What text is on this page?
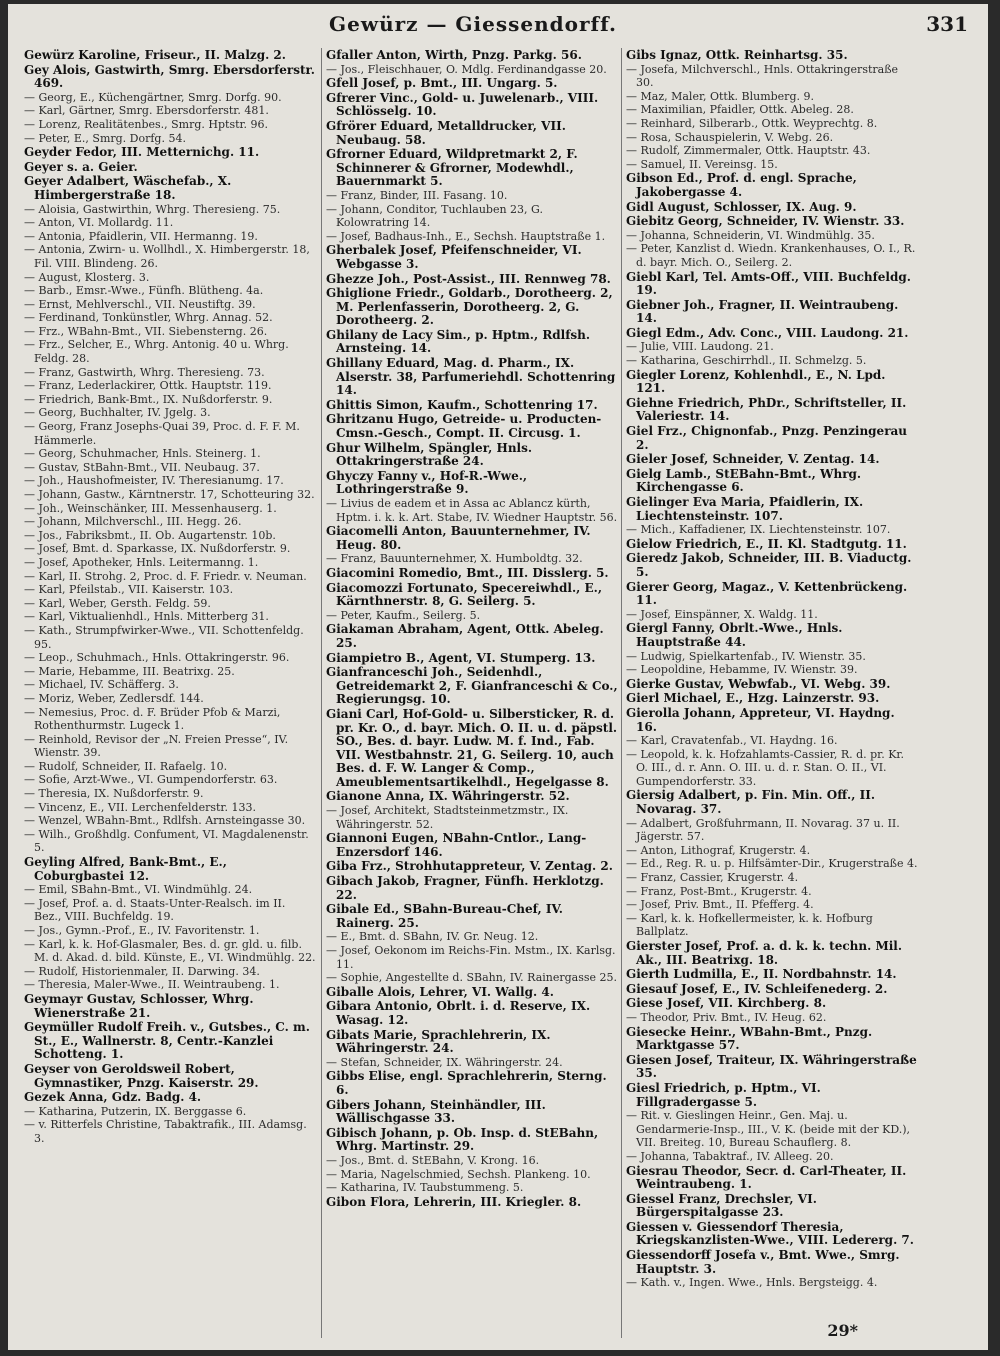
Gewürz — Giessendorff.	331

Gewürz Karoline, Friseur., II. Malzg. 2.

Gey Alois, Gastwirth, Smrg. Ebersdorferstr. 469.

— Georg, E., Küchengärtner, Smrg. Dorfg. 90.

— Karl, Gärtner, Smrg. Ebersdorferstr. 481.

— Lorenz, Realitätenbes., Smrg. Hptstr. 96.

— Peter, E., Smrg. Dorfg. 54.

Geyder Fedor, III. Metternichg. 11.

Geyer s. a. Geier.

Geyer Adalbert, Wäschefab., X. Himbergerstraße 18.

— Aloisia, Gastwirthin, Whrg. Theresieng. 75.

— Anton, VI. Mollardg. 11.

— Antonia, Pfaidlerin, VII. Hermanng. 19.

— Antonia, Zwirn- u. Wollhdl., X. Himbergerstr. 18, Fil. VIII. Blindeng. 26.

— August, Klosterg. 3.

— Barb., Emsr.-Wwe., Fünfh. Blütheng. 4a.

— Ernst, Mehlverschl., VII. Neustiftg. 39.

— Ferdinand, Tonkünstler, Whrg. Annag. 52.

— Frz., WBahn-Bmt., VII. Siebensterng. 26.

— Frz., Selcher, E., Whrg. Antonig. 40 u. Whrg. Feldg. 28.

— Franz, Gastwirth, Whrg. Theresieng. 73.

— Franz, Lederlackirer, Ottk. Hauptstr. 119.

— Friedrich, Bank-Bmt., IX. Nußdorferstr. 9.

— Georg, Buchhalter, IV. Jgelg. 3.

— Georg, Franz Josephs-Quai 39, Proc. d. F. F. M. Hämmerle.

— Georg, Schuhmacher, Hnls. Steinerg. 1.

— Gustav, StBahn-Bmt., VII. Neubaug. 37.

— Joh., Haushofmeister, IV. Theresianumg. 17.

— Johann, Gastw., Kärntnerstr. 17, Schotteuring 32.

— Joh., Weinschänker, III. Messenhauserg. 1.

— Johann, Milchverschl., III. Hegg. 26.

— Jos., Fabriksbmt., II. Ob. Augartenstr. 10b.

— Josef, Bmt. d. Sparkasse, IX. Nußdorferstr. 9.

— Josef, Apotheker, Hnls. Leitermanng. 1.

— Karl, II. Strohg. 2, Proc. d. F. Friedr. v. Neuman.

— Karl, Pfeilstab., VII. Kaiserstr. 103.

— Karl, Weber, Gersth. Feldg. 59.

— Karl, Viktualienhdl., Hnls. Mitterberg 31.

— Kath., Strumpfwirker-Wwe., VII. Schottenfeldg. 95.

— Leop., Schuhmach., Hnls. Ottakringerstr. 96.

— Marie, Hebamme, III. Beatrixg. 25.

— Michael, IV. Schäfferg. 3.

— Moriz, Weber, Zedlersdf. 144.

— Nemesius, Proc. d. F. Brüder Pfob & Marzi, Rothenthurmstr. Lugeck 1.

— Reinhold, Revisor der „N. Freien Presse“, IV. Wienstr. 39.

— Rudolf, Schneider, II. Rafaelg. 10.

— Sofie, Arzt-Wwe., VI. Gumpendorferstr. 63.

— Theresia, IX. Nußdorferstr. 9.

— Vincenz, E., VII. Lerchenfelderstr. 133.

— Wenzel, WBahn-Bmt., Rdlfsh. Arnsteingasse 30.

— Wilh., Großhdlg. Confument, VI. Magdalenenstr. 5.

Geyling Alfred, Bank-Bmt., E., Coburgbastei 12.

— Emil, SBahn-Bmt., VI. Windmühlg. 24.

— Josef, Prof. a. d. Staats-Unter-Realsch. im II. Bez., VIII. Buchfeldg. 19.

— Jos., Gymn.-Prof., E., IV. Favoritenstr. 1.

— Karl, k. k. Hof-Glasmaler, Bes. d. gr. gld. u. filb. M. d. Akad. d. bild. Künste, E., VI. Windmühlg. 22.

— Rudolf, Historienmaler, II. Darwing. 34.

— Theresia, Maler-Wwe., II. Weintraubeng. 1.

Geymayr Gustav, Schlosser, Whrg. Wienerstraße 21.

Geymüller Rudolf Freih. v., Gutsbes., C. m. St., E., Wallnerstr. 8, Centr.-Kanzlei Schotteng. 1.

Geyser von Geroldsweil Robert, Gymnastiker, Pnzg. Kaiserstr. 29.

Gezek Anna, Gdz. Badg. 4.

— Katharina, Putzerin, IX. Berggasse 6.

— v. Ritterfels Christine, Tabaktrafik., III. Adamsg. 3.

Gfaller Anton, Wirth, Pnzg. Parkg. 56.

— Jos., Fleischhauer, O. Mdlg. Ferdinandgasse 20.

Gfell Josef, p. Bmt., III. Ungarg. 5.

Gfrerer Vinc., Gold- u. Juwelenarb., VIII. Schlösselg. 10.

Gfrörer Eduard, Metalldrucker, VII. Neubaug. 58.

Gfrorner Eduard, Wildpretmarkt 2, F. Schinnerer & Gfrorner, Modewhdl., Bauernmarkt 5.

— Franz, Binder, III. Fasang. 10.

— Johann, Conditor, Tuchlauben 23, G. Kolowratring 14.

— Josef, Badhaus-Inh., E., Sechsh. Hauptstraße 1.

Gherbalek Josef, Pfeifenschneider, VI. Webgasse 3.

Ghezze Joh., Post-Assist., III. Rennweg 78.

Ghiglione Friedr., Goldarb., Dorotheerg. 2, M. Perlenfasserin, Dorotheerg. 2, G. Dorotheerg. 2.

Ghilany de Lacy Sim., p. Hptm., Rdlfsh. Arnsteing. 14.

Ghillany Eduard, Mag. d. Pharm., IX. Alserstr. 38, Parfumeriehdl. Schottenring 14.

Ghittis Simon, Kaufm., Schottenring 17.

Ghritzanu Hugo, Getreide- u. Producten-Cmsn.-Gesch., Compt. II. Circusg. 1.

Ghur Wilhelm, Spängler, Hnls. Ottakringerstraße 24.

Ghyczy Fanny v., Hof-R.-Wwe., Lothringerstraße 9.

— Livius de eadem et in Assa ac Ablancz kürth, Hptm. i. k. k. Art. Stabe, IV. Wiedner Hauptstr. 56.

Giacomelli Anton, Bauunternehmer, IV. Heug. 80.

— Franz, Bauunternehmer, X. Humboldtg. 32.

Giacomini Romedio, Bmt., III. Disslerg. 5.

Giacomozzi Fortunato, Specereiwhdl., E., Kärnthnerstr. 8, G. Seilerg. 5.

— Peter, Kaufm., Seilerg. 5.

Giakaman Abraham, Agent, Ottk. Abeleg. 25.

Giampietro B., Agent, VI. Stumperg. 13.

Gianfranceschi Joh., Seidenhdl., Getreidemarkt 2, F. Gianfranceschi & Co., Regierungsg. 10.

Giani Carl, Hof-Gold- u. Silbersticker, R. d. pr. Kr. O., d. bayr. Mich. O. II. u. d. päpstl. SO., Bes. d. bayr. Ludw. M. f. Ind., Fab. VII. Westbahnstr. 21, G. Seilerg. 10, auch Bes. d. F. W. Langer & Comp., Ameublementsartikelhdl., Hegelgasse 8.

Gianone Anna, IX. Währingerstr. 52.

— Josef, Architekt, Stadtsteinmetzmstr., IX. Währingerstr. 52.

Giannoni Eugen, NBahn-Cntlor., Lang-Enzersdorf 146.

Giba Frz., Strohhutappreteur, V. Zentag. 2.

Gibach Jakob, Fragner, Fünfh. Herklotzg. 22.

Gibale Ed., SBahn-Bureau-Chef, IV. Rainerg. 25.

— E., Bmt. d. SBahn, IV. Gr. Neug. 12.

— Josef, Oekonom im Reichs-Fin. Mstm., IX. Karlsg. 11.

— Sophie, Angestellte d. SBahn, IV. Rainergasse 25.

Giballe Alois, Lehrer, VI. Wallg. 4.

Gibara Antonio, Obrlt. i. d. Reserve, IX. Wasag. 12.

Gibats Marie, Sprachlehrerin, IX. Währingerstr. 24.

— Stefan, Schneider, IX. Währingerstr. 24.

Gibbs Elise, engl. Sprachlehrerin, Sterng. 6.

Gibers Johann, Steinhändler, III. Wällischgasse 33.

Gibisch Johann, p. Ob. Insp. d. StEBahn, Whrg. Martinstr. 29.

— Jos., Bmt. d. StEBahn, V. Krong. 16.

— Maria, Nagelschmied, Sechsh. Plankeng. 10.

— Katharina, IV. Taubstummeng. 5.

Gibon Flora, Lehrerin, III. Kriegler. 8.

Gibs Ignaz, Ottk. Reinhartsg. 35.

— Josefa, Milchverschl., Hnls. Ottakringerstraße 30.

— Maz, Maler, Ottk. Blumberg. 9.

— Maximilian, Pfaidler, Ottk. Abeleg. 28.

— Reinhard, Silberarb., Ottk. Weyprechtg. 8.

— Rosa, Schauspielerin, V. Webg. 26.

— Rudolf, Zimmermaler, Ottk. Hauptstr. 43.

— Samuel, II. Vereinsg. 15.

Gibson Ed., Prof. d. engl. Sprache, Jakobergasse 4.

Gidl August, Schlosser, IX. Aug. 9.

Giebitz Georg, Schneider, IV. Wienstr. 33.

— Johanna, Schneiderin, VI. Windmühlg. 35.

— Peter, Kanzlist d. Wiedn. Krankenhauses, O. I., R. d. bayr. Mich. O., Seilerg. 2.

Giebl Karl, Tel. Amts-Off., VIII. Buchfeldg. 19.

Giebner Joh., Fragner, II. Weintraubeng. 14.

Giegl Edm., Adv. Conc., VIII. Laudong. 21.

— Julie, VIII. Laudong. 21.

— Katharina, Geschirrhdl., II. Schmelzg. 5.

Giegler Lorenz, Kohlenhdl., E., N. Lpd. 121.

Giehne Friedrich, PhDr., Schriftsteller, II. Valeriestr. 14.

Giel Frz., Chignonfab., Pnzg. Penzingerau 2.

Gieler Josef, Schneider, V. Zentag. 14.

Gielg Lamb., StEBahn-Bmt., Whrg. Kirchengasse 6.

Gielinger Eva Maria, Pfaidlerin, IX. Liechtensteinstr. 107.

— Mich., Kaffadiener, IX. Liechtensteinstr. 107.

Gielow Friedrich, E., II. Kl. Stadtgutg. 11.

Gieredz Jakob, Schneider, III. B. Viaductg. 5.

Gierer Georg, Magaz., V. Kettenbrückeng. 11.

— Josef, Einspänner, X. Waldg. 11.

Giergl Fanny, Obrlt.-Wwe., Hnls. Hauptstraße 44.

— Ludwig, Spielkartenfab., IV. Wienstr. 35.

— Leopoldine, Hebamme, IV. Wienstr. 39.

Gierke Gustav, Webwfab., VI. Webg. 39.

Gierl Michael, E., Hzg. Lainzerstr. 93.

Gierolla Johann, Appreteur, VI. Haydng. 16.

— Karl, Cravatenfab., VI. Haydng. 16.

— Leopold, k. k. Hofzahlamts-Cassier, R. d. pr. Kr. O. III., d. r. Ann. O. III. u. d. r. Stan. O. II., VI. Gumpendorferstr. 33.

Giersig Adalbert, p. Fin. Min. Off., II. Novarag. 37.

— Adalbert, Großfuhrmann, II. Novarag. 37 u. II. Jägerstr. 57.

— Anton, Lithograf, Krugerstr. 4.

— Ed., Reg. R. u. p. Hilfsämter-Dir., Krugerstraße 4.

— Franz, Cassier, Krugerstr. 4.

— Franz, Post-Bmt., Krugerstr. 4.

— Josef, Priv. Bmt., II. Pfefferg. 4.

— Karl, k. k. Hofkellermeister, k. k. Hofburg Ballplatz.

Gierster Josef, Prof. a. d. k. k. techn. Mil. Ak., III. Beatrixg. 18.

Gierth Ludmilla, E., II. Nordbahnstr. 14.

Giesauf Josef, E., IV. Schleifenederg. 2.

Giese Josef, VII. Kirchberg. 8.

— Theodor, Priv. Bmt., IV. Heug. 62.

Giesecke Heinr., WBahn-Bmt., Pnzg. Marktgasse 57.

Giesen Josef, Traiteur, IX. Währingerstraße 35.

Giesl Friedrich, p. Hptm., VI. Fillgradergasse 5.

— Rit. v. Gieslingen Heinr., Gen. Maj. u. Gendarmerie-Insp., III., V. K. (beide mit der KD.), VII. Breiteg. 10, Bureau Schauflerg. 8.

— Johanna, Tabaktraf., IV. Alleeg. 20.

Giesrau Theodor, Secr. d. Carl-Theater, II. Weintraubeng. 1.

Giessel Franz, Drechsler, VI. Bürgerspitalgasse 23.

Giessen v. Giessendorf Theresia, Kriegskanzlisten-Wwe., VIII. Ledererg. 7.

Giessendorff Josefa v., Bmt. Wwe., Smrg. Hauptstr. 3.

— Kath. v., Ingen. Wwe., Hnls. Bergsteigg. 4.

29*
